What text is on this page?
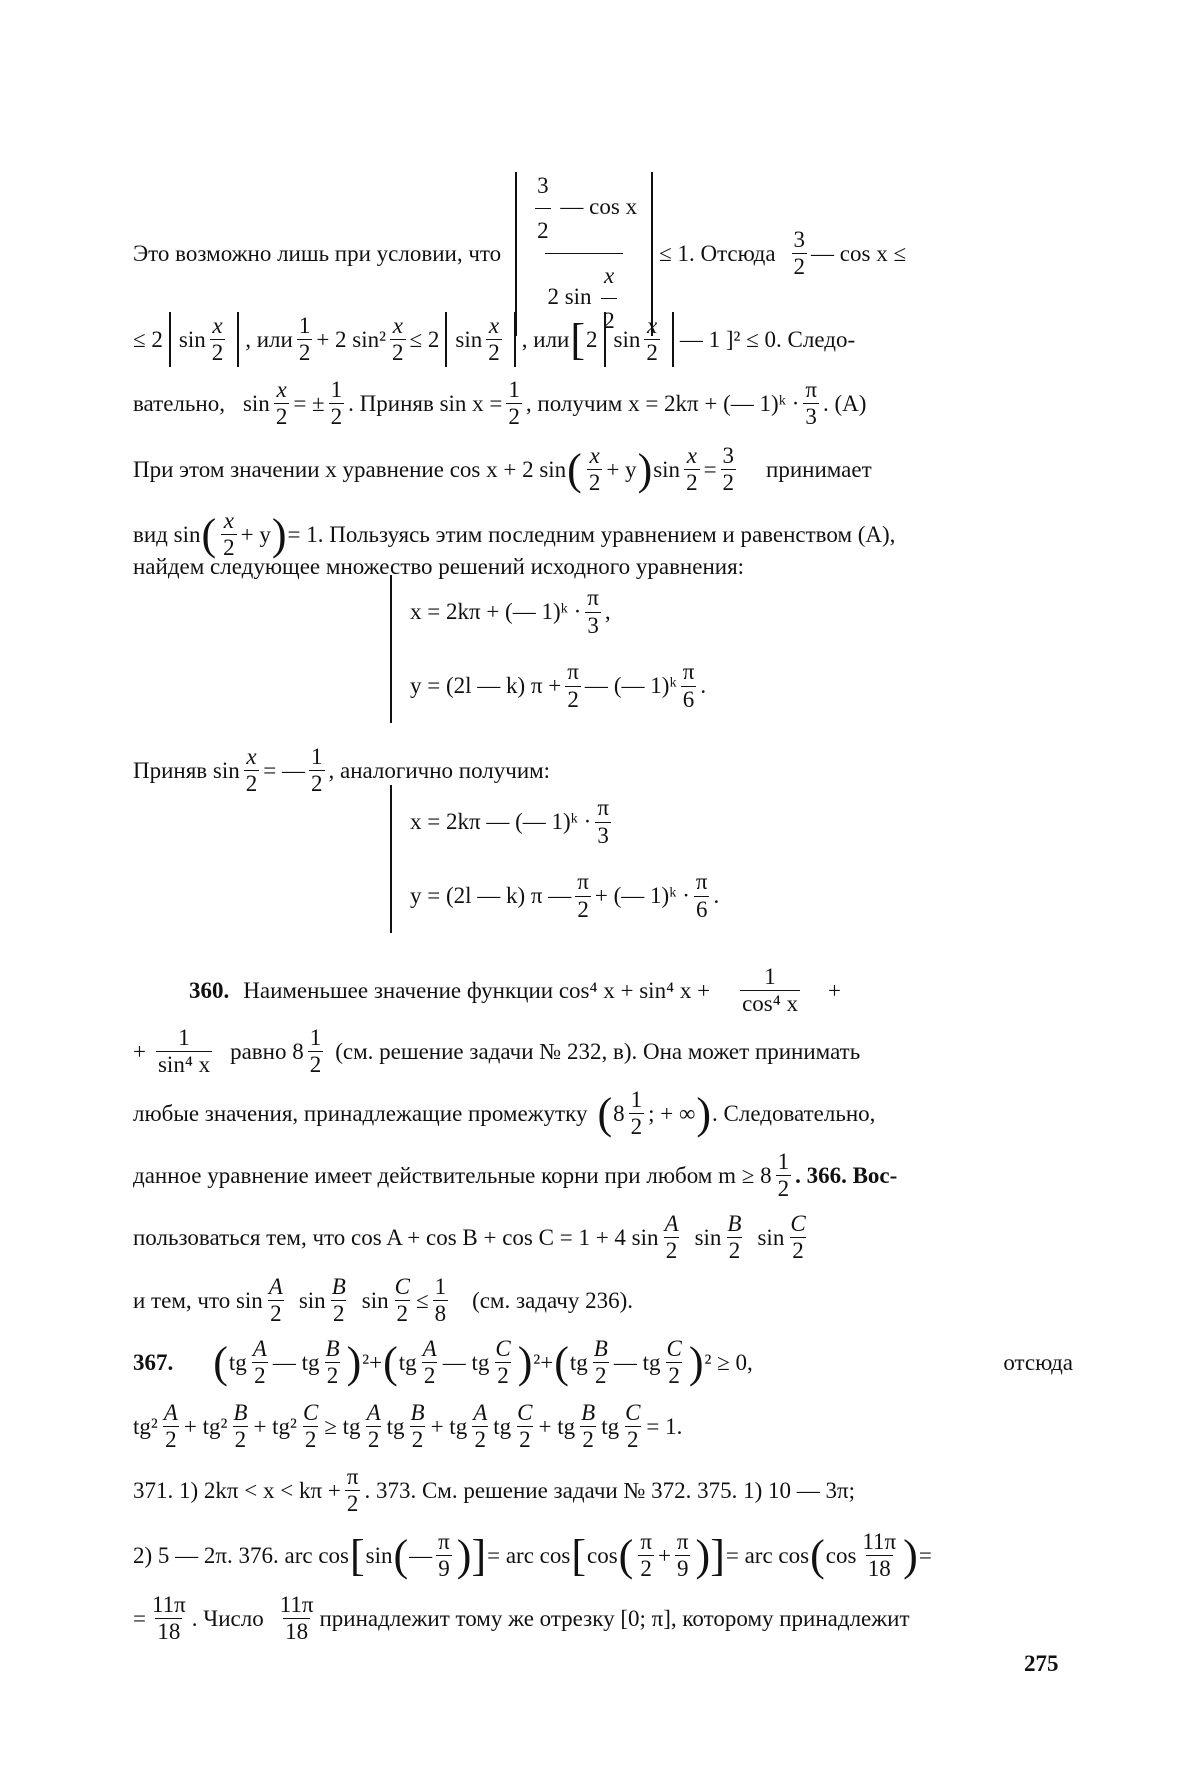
Это возможно лишь при условии, что $\frac{\frac{3}{2} — \cos x}{2 \sin \frac{x}{2}} \le 1$. Отсюда $\frac{3}{2}$ — cos x ≤
≤ 2 $\sin \frac{x}{2}$ , или $\frac{1}{2} + 2$ $\sin^2 \frac{x}{2} \le 2$ $\sin \frac{x}{2}$ , или [ 2 $\sin \frac{x}{2}$ — 1 ]² ≤ 0. Следо-
вательно, $\sin \frac{x}{2}$ = ± $\frac{1}{2}$ . Приняв $\sin x = \frac{1}{2}$ , получим x = 2kπ + (— 1)ᵏ · $\frac{\pi}{3}$ . (A)
При этом значении x уравнение cos x + 2 sin ( $\frac{x}{2} + y$ ) $\sin \frac{x}{2} = \frac{3}{2}$ принимает
вид sin ( $\frac{x}{2} + y$ ) = 1. Пользуясь этим последним уравнением и равенством (A),
найдем следующее множество решений исходного уравнения:
x = 2kπ + (— 1)ᵏ · $\frac{\pi}{3}$ ,
y = (2l — k) $\pi + \frac{\pi}{2}$ — (— 1)ᵏ $\frac{\pi}{6}$ .
Приняв $\sin \frac{x}{2}$ = — $\frac{1}{2}$ , аналогично получим:
x = 2kπ — (— 1)ᵏ · $\frac{\pi}{3}$
y = (2l — k) π — $\frac{\pi}{2}$ + (— 1)ᵏ · $\frac{\pi}{6}$ .
360. Наименьшее значение функции cos⁴ x + sin⁴ $x + \frac{1}{\text{cos⁴ x}}$ +
+ $\frac{1}{\text{sin⁴ x}}$ равно $8 \frac{1}{2} (см$. решение задачи № 232, в). Она может принимать
любые значения, принадлежащие промежутку ( $8 \frac{1}{2}$ ; + ∞ ) . Следовательно,
данное уравнение имеет действительные корни при любом $m \ge 8 \frac{1}{2}$ . 366. Вос-
пользоваться тем, что cos A + cos B + cos C = 1 + 4 $\sin \frac{A}{2}$ $\sin \frac{B}{2}$ $\sin \frac{C}{2}$
и тем, что $\sin \frac{A}{2}$ $\sin \frac{B}{2}$ $\sin \frac{C}{2} \le \frac{1}{8} (см$. задачу 236).
367. ( tg $\frac{A}{2}$ — tg $\frac{B}{2}$ ) ²+ ( tg $\frac{A}{2}$ — tg $\frac{C}{2}$ ) ²+ ( tg $\frac{B}{2}$ — tg $\frac{C}{2}$ ) ² ≥ 0,	отсюда
$tg^2 \frac{A}{2} + tg^2 \frac{B}{2} + tg^2 \frac{C}{2}$ ≥ tg $\frac{A}{2}$ tg $\frac{B}{2}$ + tg $\frac{A}{2}$ tg $\frac{C}{2}$ + tg $\frac{B}{2}$ tg $\frac{C}{2} = 1$.
371. 1) $2k\pi < x < k\pi + \frac{\pi}{2}$ . 373. См. решение задачи № 372. 375. 1) 10 — 3π;
2) 5 — 2π. 376. arc cos [ sin ( — $\frac{\pi}{9}$ )] = arc cos [ cos ( $\frac{\pi}{2} + \frac{\pi}{9}$ )] = arc cos ( $\cos \frac{11\pi}{18}$ ) =
= $\frac{11\pi}{18}$ . Число $\frac{11\pi}{18}$ принадлежит тому же отрезку [0; π], которому принадлежит
275
